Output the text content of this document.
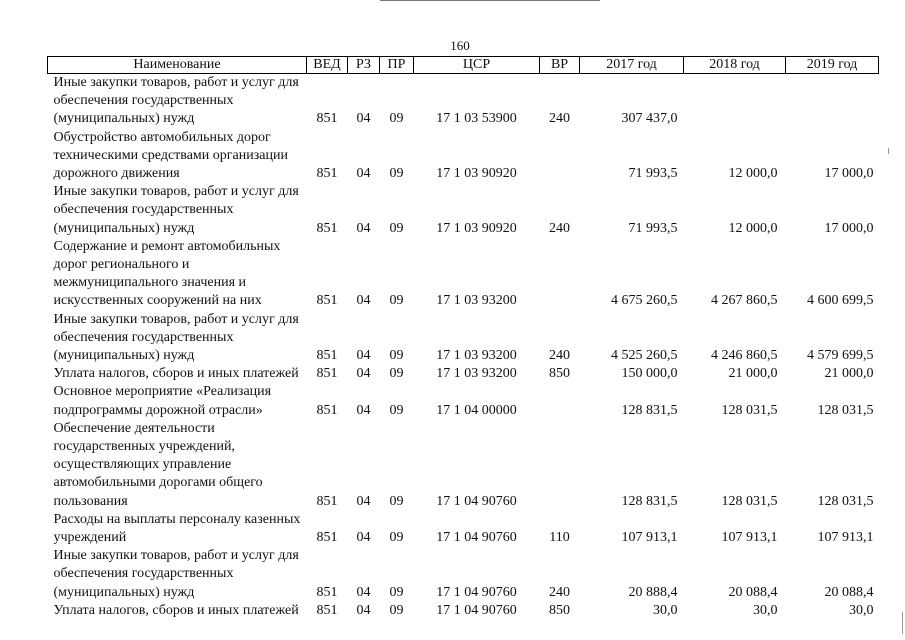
160
Наименование	ВЕД	РЗ	ПР	ЦСР	ВР	2017 год	2018 год	2019 год
Иные закупки товаров, работ и услуг для обеспечения государственных (муниципальных) нужд	851	04	09	17 1 03 53900	240	307 437,0		
Обустройство автомобильных дорог техническими средствами организации дорожного движения	851	04	09	17 1 03 90920		71 993,5	12 000,0	17 000,0
Иные закупки товаров, работ и услуг для обеспечения государственных (муниципальных) нужд	851	04	09	17 1 03 90920	240	71 993,5	12 000,0	17 000,0
Содержание и ремонт автомобильных дорог регионального и межмуниципального значения и искусственных сооружений на них	851	04	09	17 1 03 93200		4 675 260,5	4 267 860,5	4 600 699,5
Иные закупки товаров, работ и услуг для обеспечения государственных (муниципальных) нужд	851	04	09	17 1 03 93200	240	4 525 260,5	4 246 860,5	4 579 699,5
Уплата налогов, сборов и иных платежей	851	04	09	17 1 03 93200	850	150 000,0	21 000,0	21 000,0
Основное мероприятие «Реализация подпрограммы дорожной отрасли»	851	04	09	17 1 04 00000		128 831,5	128 031,5	128 031,5
Обеспечение деятельности государственных учреждений, осуществляющих управление автомобильными дорогами общего пользования	851	04	09	17 1 04 90760		128 831,5	128 031,5	128 031,5
Расходы на выплаты персоналу казенных учреждений	851	04	09	17 1 04 90760	110	107 913,1	107 913,1	107 913,1
Иные закупки товаров, работ и услуг для обеспечения государственных (муниципальных) нужд	851	04	09	17 1 04 90760	240	20 888,4	20 088,4	20 088,4
Уплата налогов, сборов и иных платежей	851	04	09	17 1 04 90760	850	30,0	30,0	30,0
